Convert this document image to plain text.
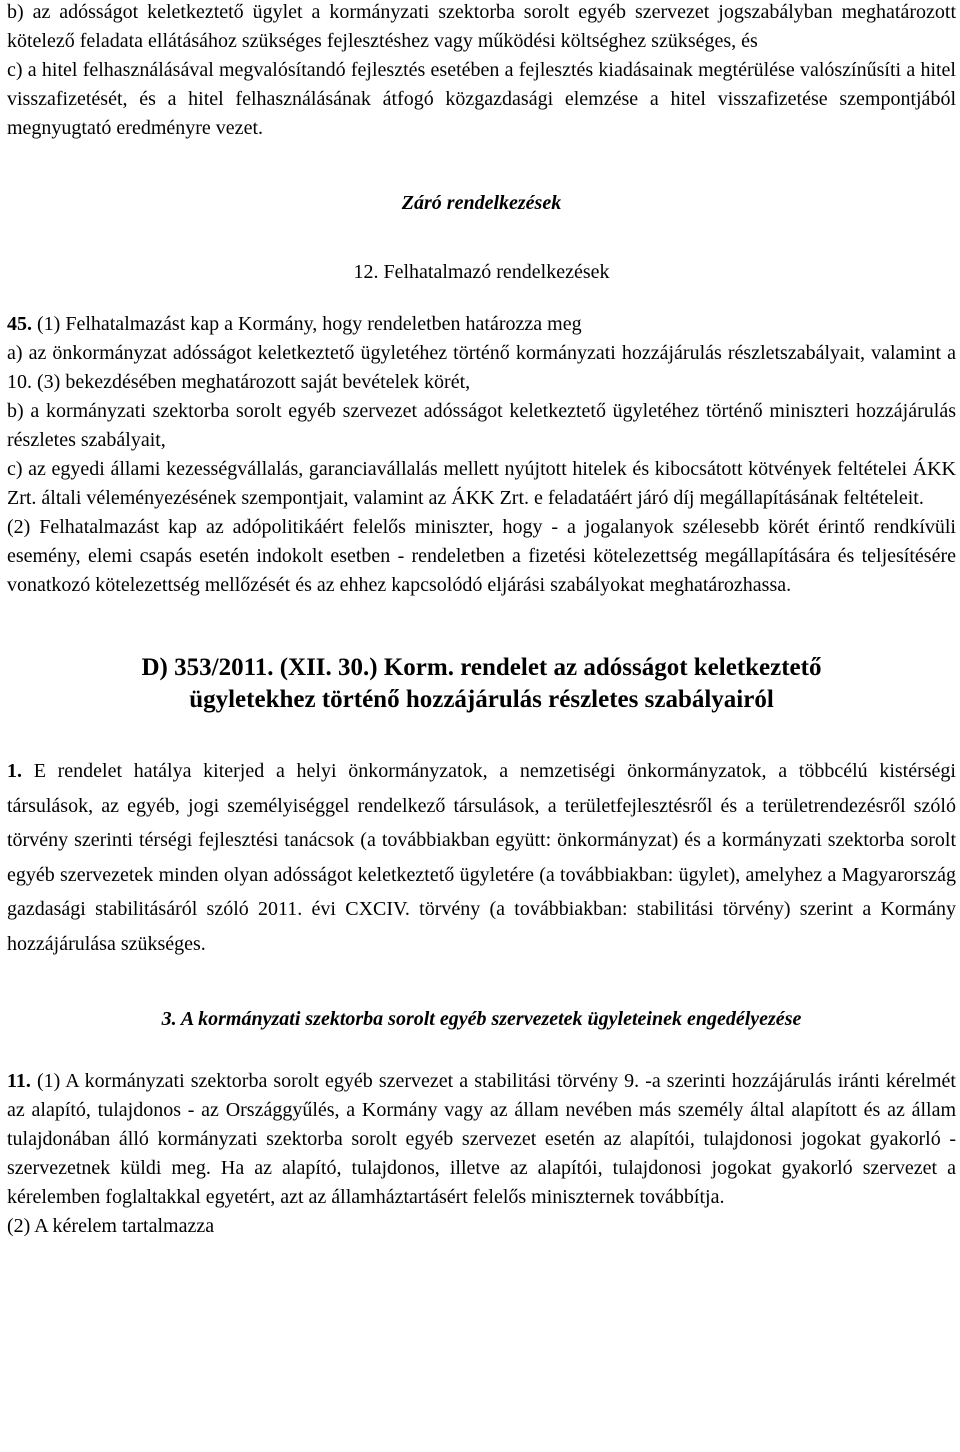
b) az adósságot keletkeztető ügylet a kormányzati szektorba sorolt egyéb szervezet jogszabályban meghatározott kötelező feladata ellátásához szükséges fejlesztéshez vagy működési költséghez szükséges, és

c) a hitel felhasználásával megvalósítandó fejlesztés esetében a fejlesztés kiadásainak megtérülése valószínűsíti a hitel visszafizetését, és a hitel felhasználásának átfogó közgazdasági elemzése a hitel visszafizetése szempontjából megnyugtató eredményre vezet.

Záró rendelkezések

12. Felhatalmazó rendelkezések

45. (1) Felhatalmazást kap a Kormány, hogy rendeletben határozza meg

a) az önkormányzat adósságot keletkeztető ügyletéhez történő kormányzati hozzájárulás részletszabályait, valamint a 10. (3) bekezdésében meghatározott saját bevételek körét,

b) a kormányzati szektorba sorolt egyéb szervezet adósságot keletkeztető ügyletéhez történő miniszteri hozzájárulás részletes szabályait,

c) az egyedi állami kezességvállalás, garanciavállalás mellett nyújtott hitelek és kibocsátott kötvények feltételei ÁKK Zrt. általi véleményezésének szempontjait, valamint az ÁKK Zrt. e feladatáért járó díj megállapításának feltételeit.

(2) Felhatalmazást kap az adópolitikáért felelős miniszter, hogy - a jogalanyok szélesebb körét érintő rendkívüli esemény, elemi csapás esetén indokolt esetben - rendeletben a fizetési kötelezettség megállapítására és teljesítésére vonatkozó kötelezettség mellőzését és az ehhez kapcsolódó eljárási szabályokat meghatározhassa.

D) 353/2011. (XII. 30.) Korm. rendelet az adósságot keletkeztető

ügyletekhez történő hozzájárulás részletes szabályairól

1. E rendelet hatálya kiterjed a helyi önkormányzatok, a nemzetiségi önkormányzatok, a többcélú kistérségi társulások, az egyéb, jogi személyiséggel rendelkező társulások, a területfejlesztésről és a területrendezésről szóló törvény szerinti térségi fejlesztési tanácsok (a továbbiakban együtt: önkormányzat) és a kormányzati szektorba sorolt egyéb szervezetek minden olyan adósságot keletkeztető ügyletére (a továbbiakban: ügylet), amelyhez a Magyarország gazdasági stabilitásáról szóló 2011. évi CXCIV. törvény (a továbbiakban: stabilitási törvény) szerint a Kormány hozzájárulása szükséges.

3. A kormányzati szektorba sorolt egyéb szervezetek ügyleteinek engedélyezése

11. (1) A kormányzati szektorba sorolt egyéb szervezet a stabilitási törvény 9. -a szerinti hozzájárulás iránti kérelmét az alapító, tulajdonos - az Országgyűlés, a Kormány vagy az állam nevében más személy által alapított és az állam tulajdonában álló kormányzati szektorba sorolt egyéb szervezet esetén az alapítói, tulajdonosi jogokat gyakorló - szervezetnek küldi meg. Ha az alapító, tulajdonos, illetve az alapítói, tulajdonosi jogokat gyakorló szervezet a kérelemben foglaltakkal egyetért, azt az államháztartásért felelős miniszternek továbbítja.

(2) A kérelem tartalmazza
